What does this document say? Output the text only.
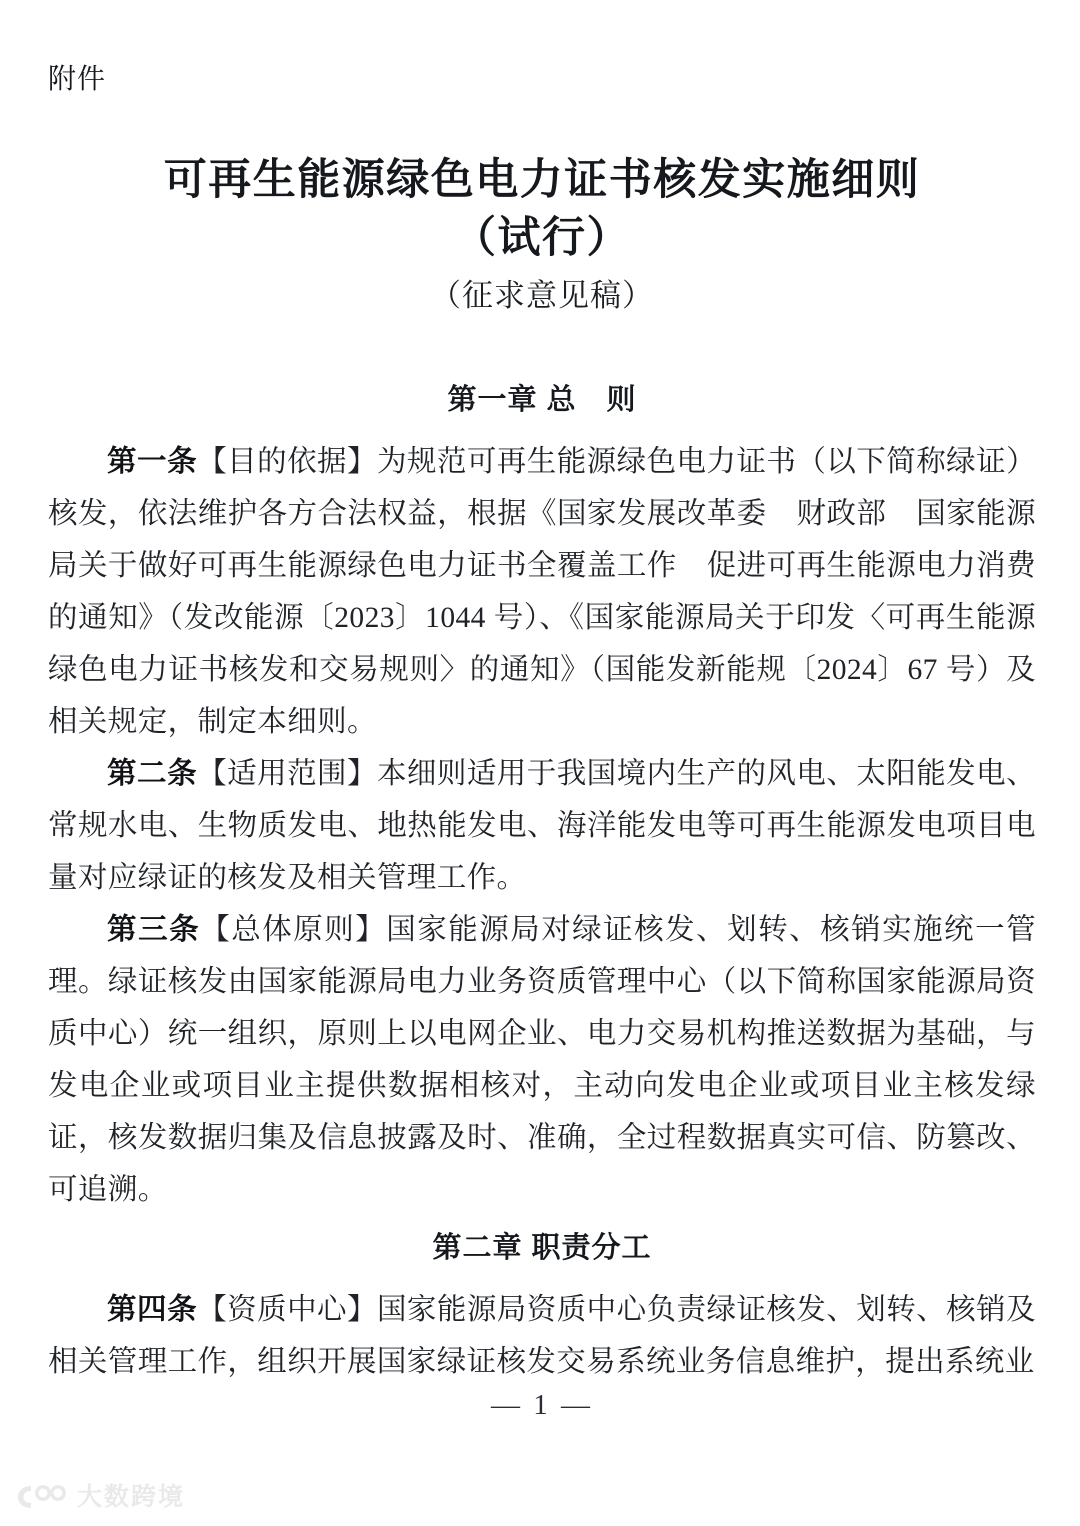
附件
可再生能源绿色电力证书核发实施细则
（试行）
（征求意见稿）
第一章 总　则

第一条【目的依据】为规范可再生能源绿色电力证书（以下简称绿证）核发，依法维护各方合法权益，根据《国家发展改革委　财政部　国家能源局关于做好可再生能源绿色电力证书全覆盖工作　促进可再生能源电力消费的通知》（发改能源〔2023〕1044 号）、《国家能源局关于印发〈可再生能源绿色电力证书核发和交易规则〉的通知》（国能发新能规〔2024〕67 号）及相关规定，制定本细则。

第二条【适用范围】本细则适用于我国境内生产的风电、太阳能发电、常规水电、生物质发电、地热能发电、海洋能发电等可再生能源发电项目电量对应绿证的核发及相关管理工作。

第三条【总体原则】国家能源局对绿证核发、划转、核销实施统一管理。绿证核发由国家能源局电力业务资质管理中心（以下简称国家能源局资质中心）统一组织，原则上以电网企业、电力交易机构推送数据为基础，与发电企业或项目业主提供数据相核对，主动向发电企业或项目业主核发绿证，核发数据归集及信息披露及时、准确，全过程数据真实可信、防篡改、可追溯。

第二章 职责分工

第四条【资质中心】国家能源局资质中心负责绿证核发、划转、核销及相关管理工作，组织开展国家绿证核发交易系统业务信息维护，提出系统业

— 1 —
大数跨境
